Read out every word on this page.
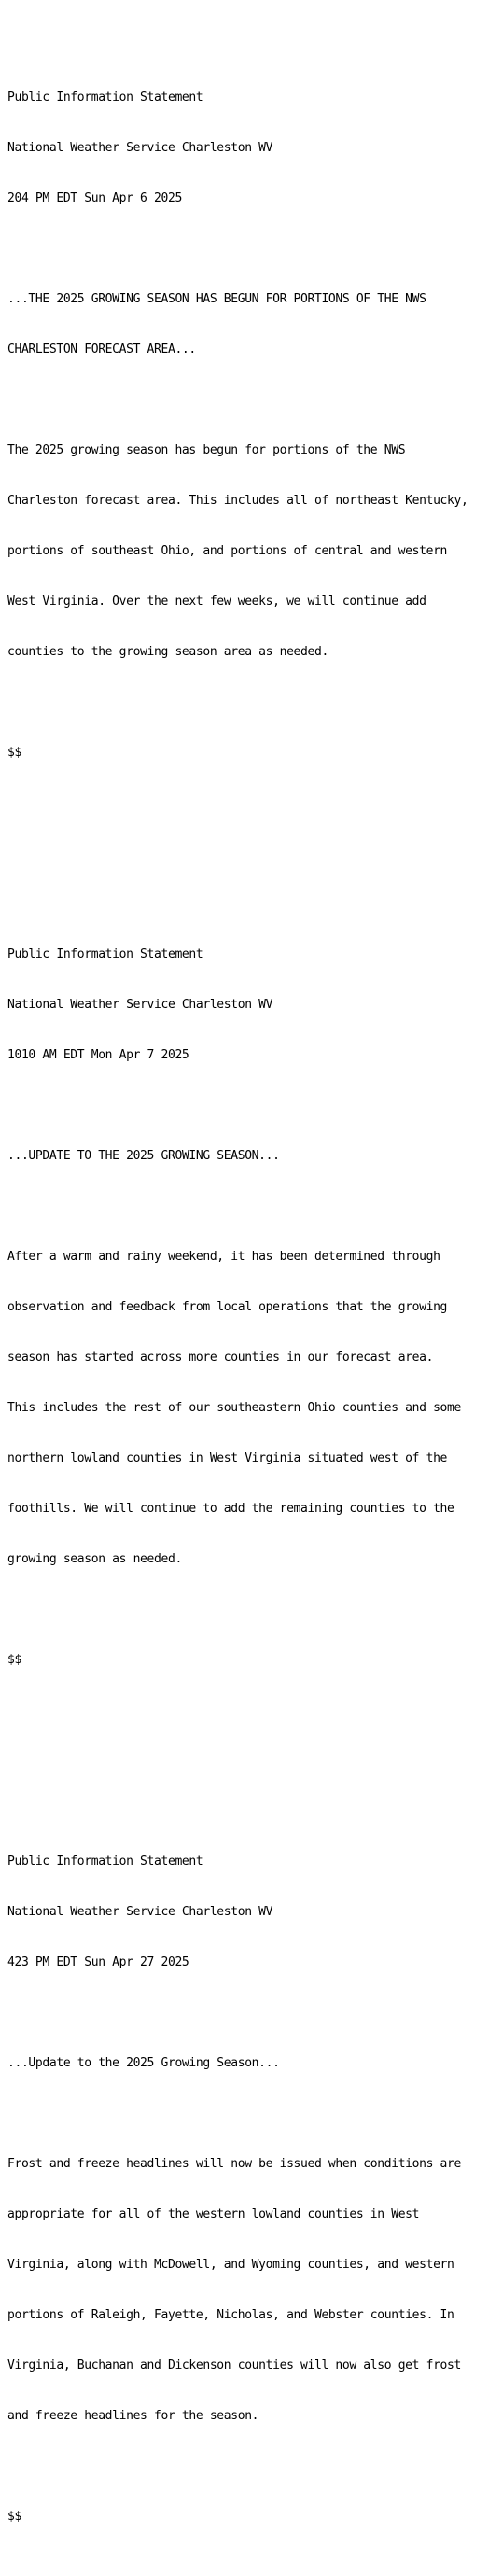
Public Information Statement

National Weather Service Charleston WV

204 PM EDT Sun Apr 6 2025

...THE 2025 GROWING SEASON HAS BEGUN FOR PORTIONS OF THE NWS

CHARLESTON FORECAST AREA...

The 2025 growing season has begun for portions of the NWS

Charleston forecast area. This includes all of northeast Kentucky,

portions of southeast Ohio, and portions of central and western

West Virginia. Over the next few weeks, we will continue add

counties to the growing season area as needed.

$$

Public Information Statement

National Weather Service Charleston WV

1010 AM EDT Mon Apr 7 2025

...UPDATE TO THE 2025 GROWING SEASON...

After a warm and rainy weekend, it has been determined through

observation and feedback from local operations that the growing

season has started across more counties in our forecast area.

This includes the rest of our southeastern Ohio counties and some

northern lowland counties in West Virginia situated west of the

foothills. We will continue to add the remaining counties to the

growing season as needed.

$$

Public Information Statement

National Weather Service Charleston WV

423 PM EDT Sun Apr 27 2025

...Update to the 2025 Growing Season...

Frost and freeze headlines will now be issued when conditions are

appropriate for all of the western lowland counties in West

Virginia, along with McDowell, and Wyoming counties, and western

portions of Raleigh, Fayette, Nicholas, and Webster counties. In

Virginia, Buchanan and Dickenson counties will now also get frost

and freeze headlines for the season.

$$
